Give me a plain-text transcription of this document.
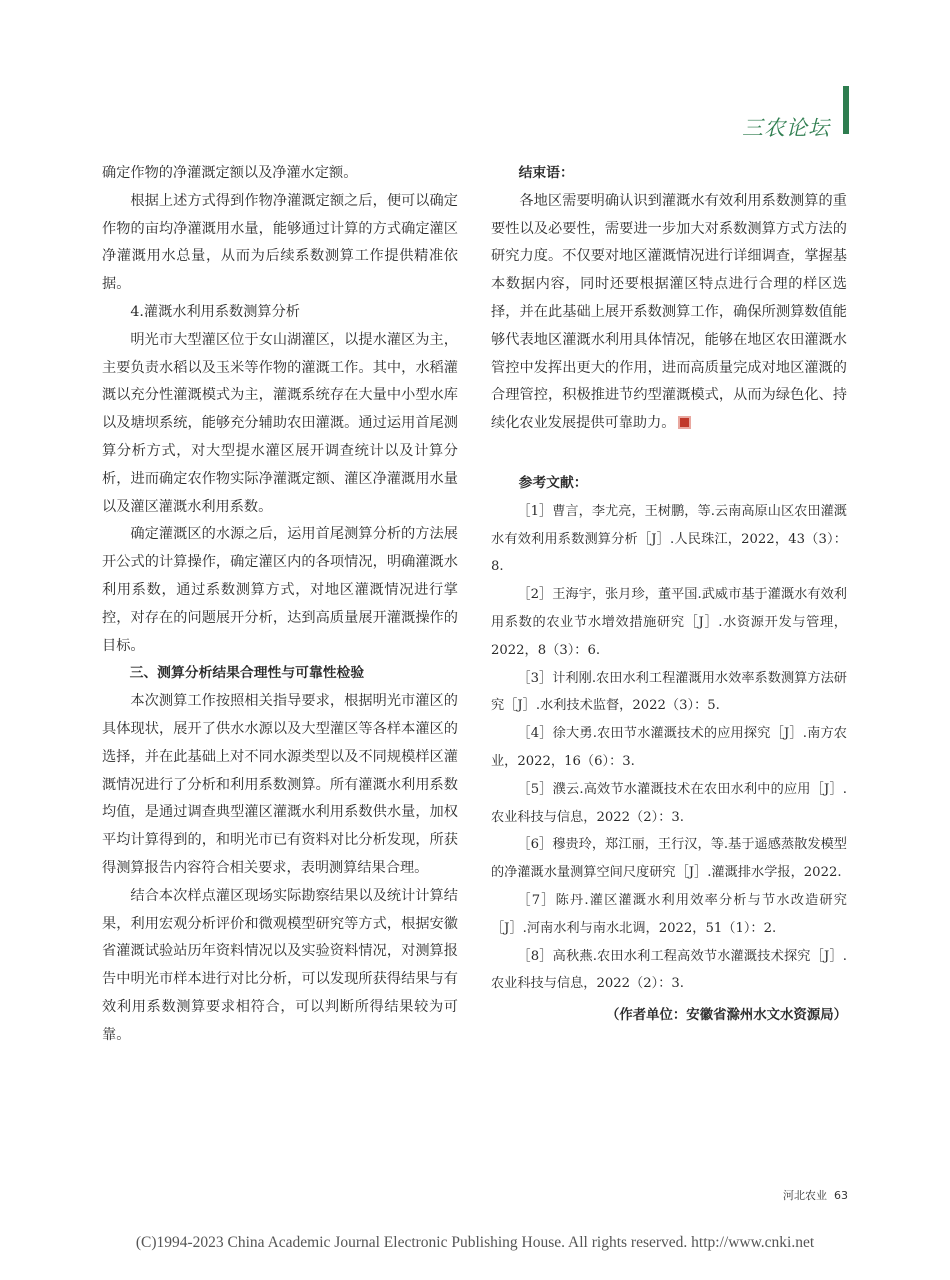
三农论坛

确定作物的净灌溉定额以及净灌水定额。

根据上述方式得到作物净灌溉定额之后，便可以确定作物的亩均净灌溉用水量，能够通过计算的方式确定灌区净灌溉用水总量，从而为后续系数测算工作提供精准依据。

4.灌溉水利用系数测算分析

明光市大型灌区位于女山湖灌区，以提水灌区为主，主要负责水稻以及玉米等作物的灌溉工作。其中，水稻灌溉以充分性灌溉模式为主，灌溉系统存在大量中小型水库以及塘坝系统，能够充分辅助农田灌溉。通过运用首尾测算分析方式，对大型提水灌区展开调查统计以及计算分析，进而确定农作物实际净灌溉定额、灌区净灌溉用水量以及灌区灌溉水利用系数。

确定灌溉区的水源之后，运用首尾测算分析的方法展开公式的计算操作，确定灌区内的各项情况，明确灌溉水利用系数，通过系数测算方式，对地区灌溉情况进行掌控，对存在的问题展开分析，达到高质量展开灌溉操作的目标。

三、测算分析结果合理性与可靠性检验

本次测算工作按照相关指导要求，根据明光市灌区的具体现状，展开了供水水源以及大型灌区等各样本灌区的选择，并在此基础上对不同水源类型以及不同规模样区灌溉情况进行了分析和利用系数测算。所有灌溉水利用系数均值，是通过调查典型灌区灌溉水利用系数供水量，加权平均计算得到的，和明光市已有资料对比分析发现，所获得测算报告内容符合相关要求，表明测算结果合理。

结合本次样点灌区现场实际勘察结果以及统计计算结果，利用宏观分析评价和微观模型研究等方式，根据安徽省灌溉试验站历年资料情况以及实验资料情况，对测算报告中明光市样本进行对比分析，可以发现所获得结果与有效利用系数测算要求相符合，可以判断所得结果较为可靠。

结束语：

各地区需要明确认识到灌溉水有效利用系数测算的重要性以及必要性，需要进一步加大对系数测算方式方法的研究力度。不仅要对地区灌溉情况进行详细调查，掌握基本数据内容，同时还要根据灌区特点进行合理的样区选择，并在此基础上展开系数测算工作，确保所测算数值能够代表地区灌溉水利用具体情况，能够在地区农田灌溉水管控中发挥出更大的作用，进而高质量完成对地区灌溉的合理管控，积极推进节约型灌溉模式，从而为绿色化、持续化农业发展提供可靠助力。

参考文献：

［1］曹言，李尤亮，王树鹏，等.云南高原山区农田灌溉水有效利用系数测算分析［J］.人民珠江，2022，43（3）：8.

［2］王海宇，张月珍，董平国.武威市基于灌溉水有效利用系数的农业节水增效措施研究［J］.水资源开发与管理，2022，8（3）：6.

［3］计利刚.农田水利工程灌溉用水效率系数测算方法研究［J］.水利技术监督，2022（3）：5.

［4］徐大勇.农田节水灌溉技术的应用探究［J］.南方农业，2022，16（6）：3.

［5］濮云.高效节水灌溉技术在农田水利中的应用［J］.农业科技与信息，2022（2）：3.

［6］穆贵玲，郑江丽，王行汉，等.基于遥感蒸散发模型的净灌溉水量测算空间尺度研究［J］.灌溉排水学报，2022.

［7］陈丹.灌区灌溉水利用效率分析与节水改造研究［J］.河南水利与南水北调，2022，51（1）：2.

［8］高秋燕.农田水利工程高效节水灌溉技术探究［J］.农业科技与信息，2022（2）：3.

（作者单位：安徽省滁州水文水资源局）
河北农业 63
(C)1994-2023 China Academic Journal Electronic Publishing House. All rights reserved. http://www.cnki.net
